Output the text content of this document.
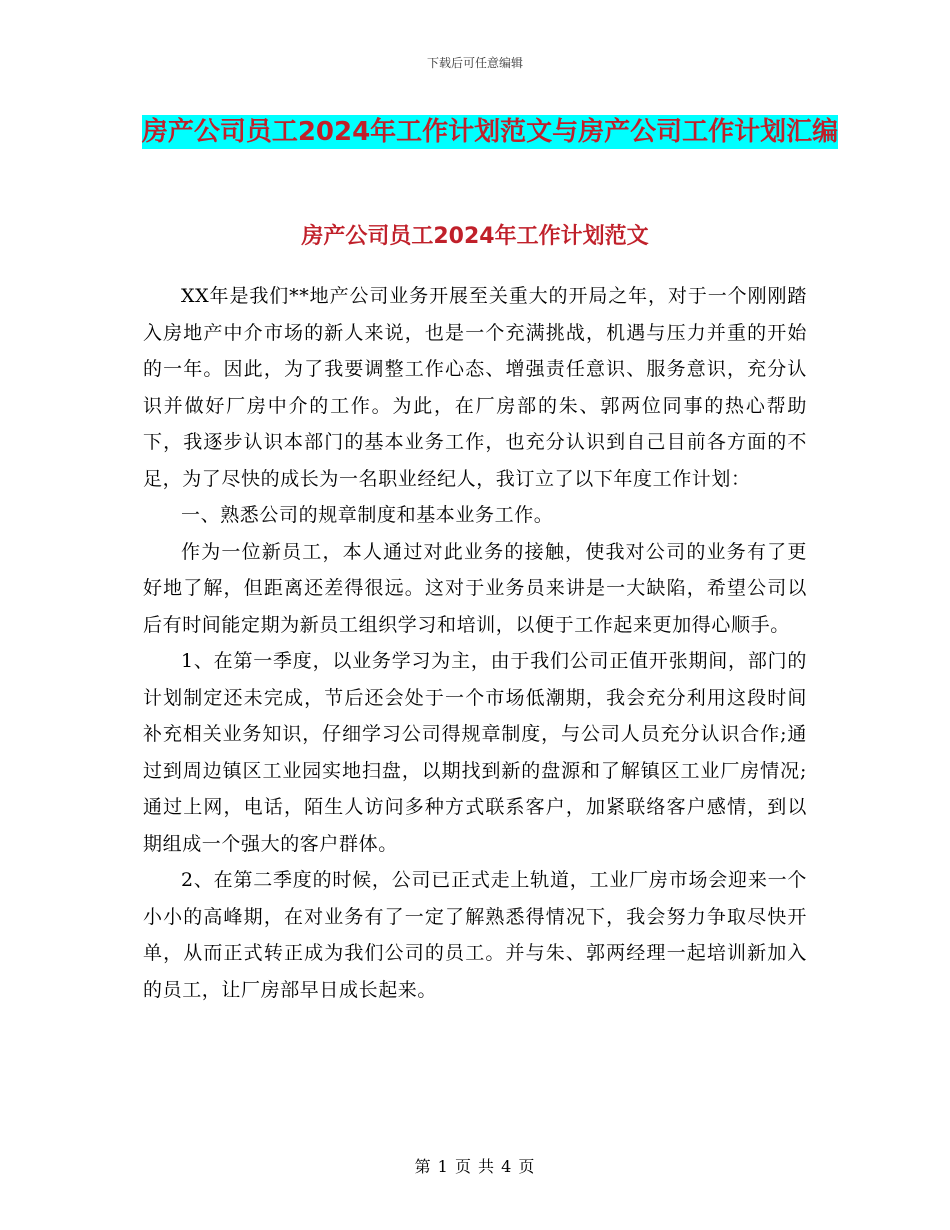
下载后可任意编辑
房产公司员工2024年工作计划范文与房产公司工作计划汇编
房产公司员工2024年工作计划范文

XX年是我们**地产公司业务开展至关重大的开局之年，对于一个刚刚踏入房地产中介市场的新人来说，也是一个充满挑战，机遇与压力并重的开始的一年。因此，为了我要调整工作心态、增强责任意识、服务意识，充分认识并做好厂房中介的工作。为此，在厂房部的朱、郭两位同事的热心帮助下，我逐步认识本部门的基本业务工作，也充分认识到自己目前各方面的不足，为了尽快的成长为一名职业经纪人，我订立了以下年度工作计划：

一、熟悉公司的规章制度和基本业务工作。

作为一位新员工，本人通过对此业务的接触，使我对公司的业务有了更好地了解，但距离还差得很远。这对于业务员来讲是一大缺陷，希望公司以后有时间能定期为新员工组织学习和培训，以便于工作起来更加得心顺手。

1、在第一季度，以业务学习为主，由于我们公司正值开张期间，部门的计划制定还未完成，节后还会处于一个市场低潮期，我会充分利用这段时间补充相关业务知识，仔细学习公司得规章制度，与公司人员充分认识合作;通过到周边镇区工业园实地扫盘，以期找到新的盘源和了解镇区工业厂房情况;通过上网，电话，陌生人访问多种方式联系客户，加紧联络客户感情，到以期组成一个强大的客户群体。

2、在第二季度的时候，公司已正式走上轨道，工业厂房市场会迎来一个小小的高峰期，在对业务有了一定了解熟悉得情况下，我会努力争取尽快开单，从而正式转正成为我们公司的员工。并与朱、郭两经理一起培训新加入的员工，让厂房部早日成长起来。

第 1 页 共 4 页
